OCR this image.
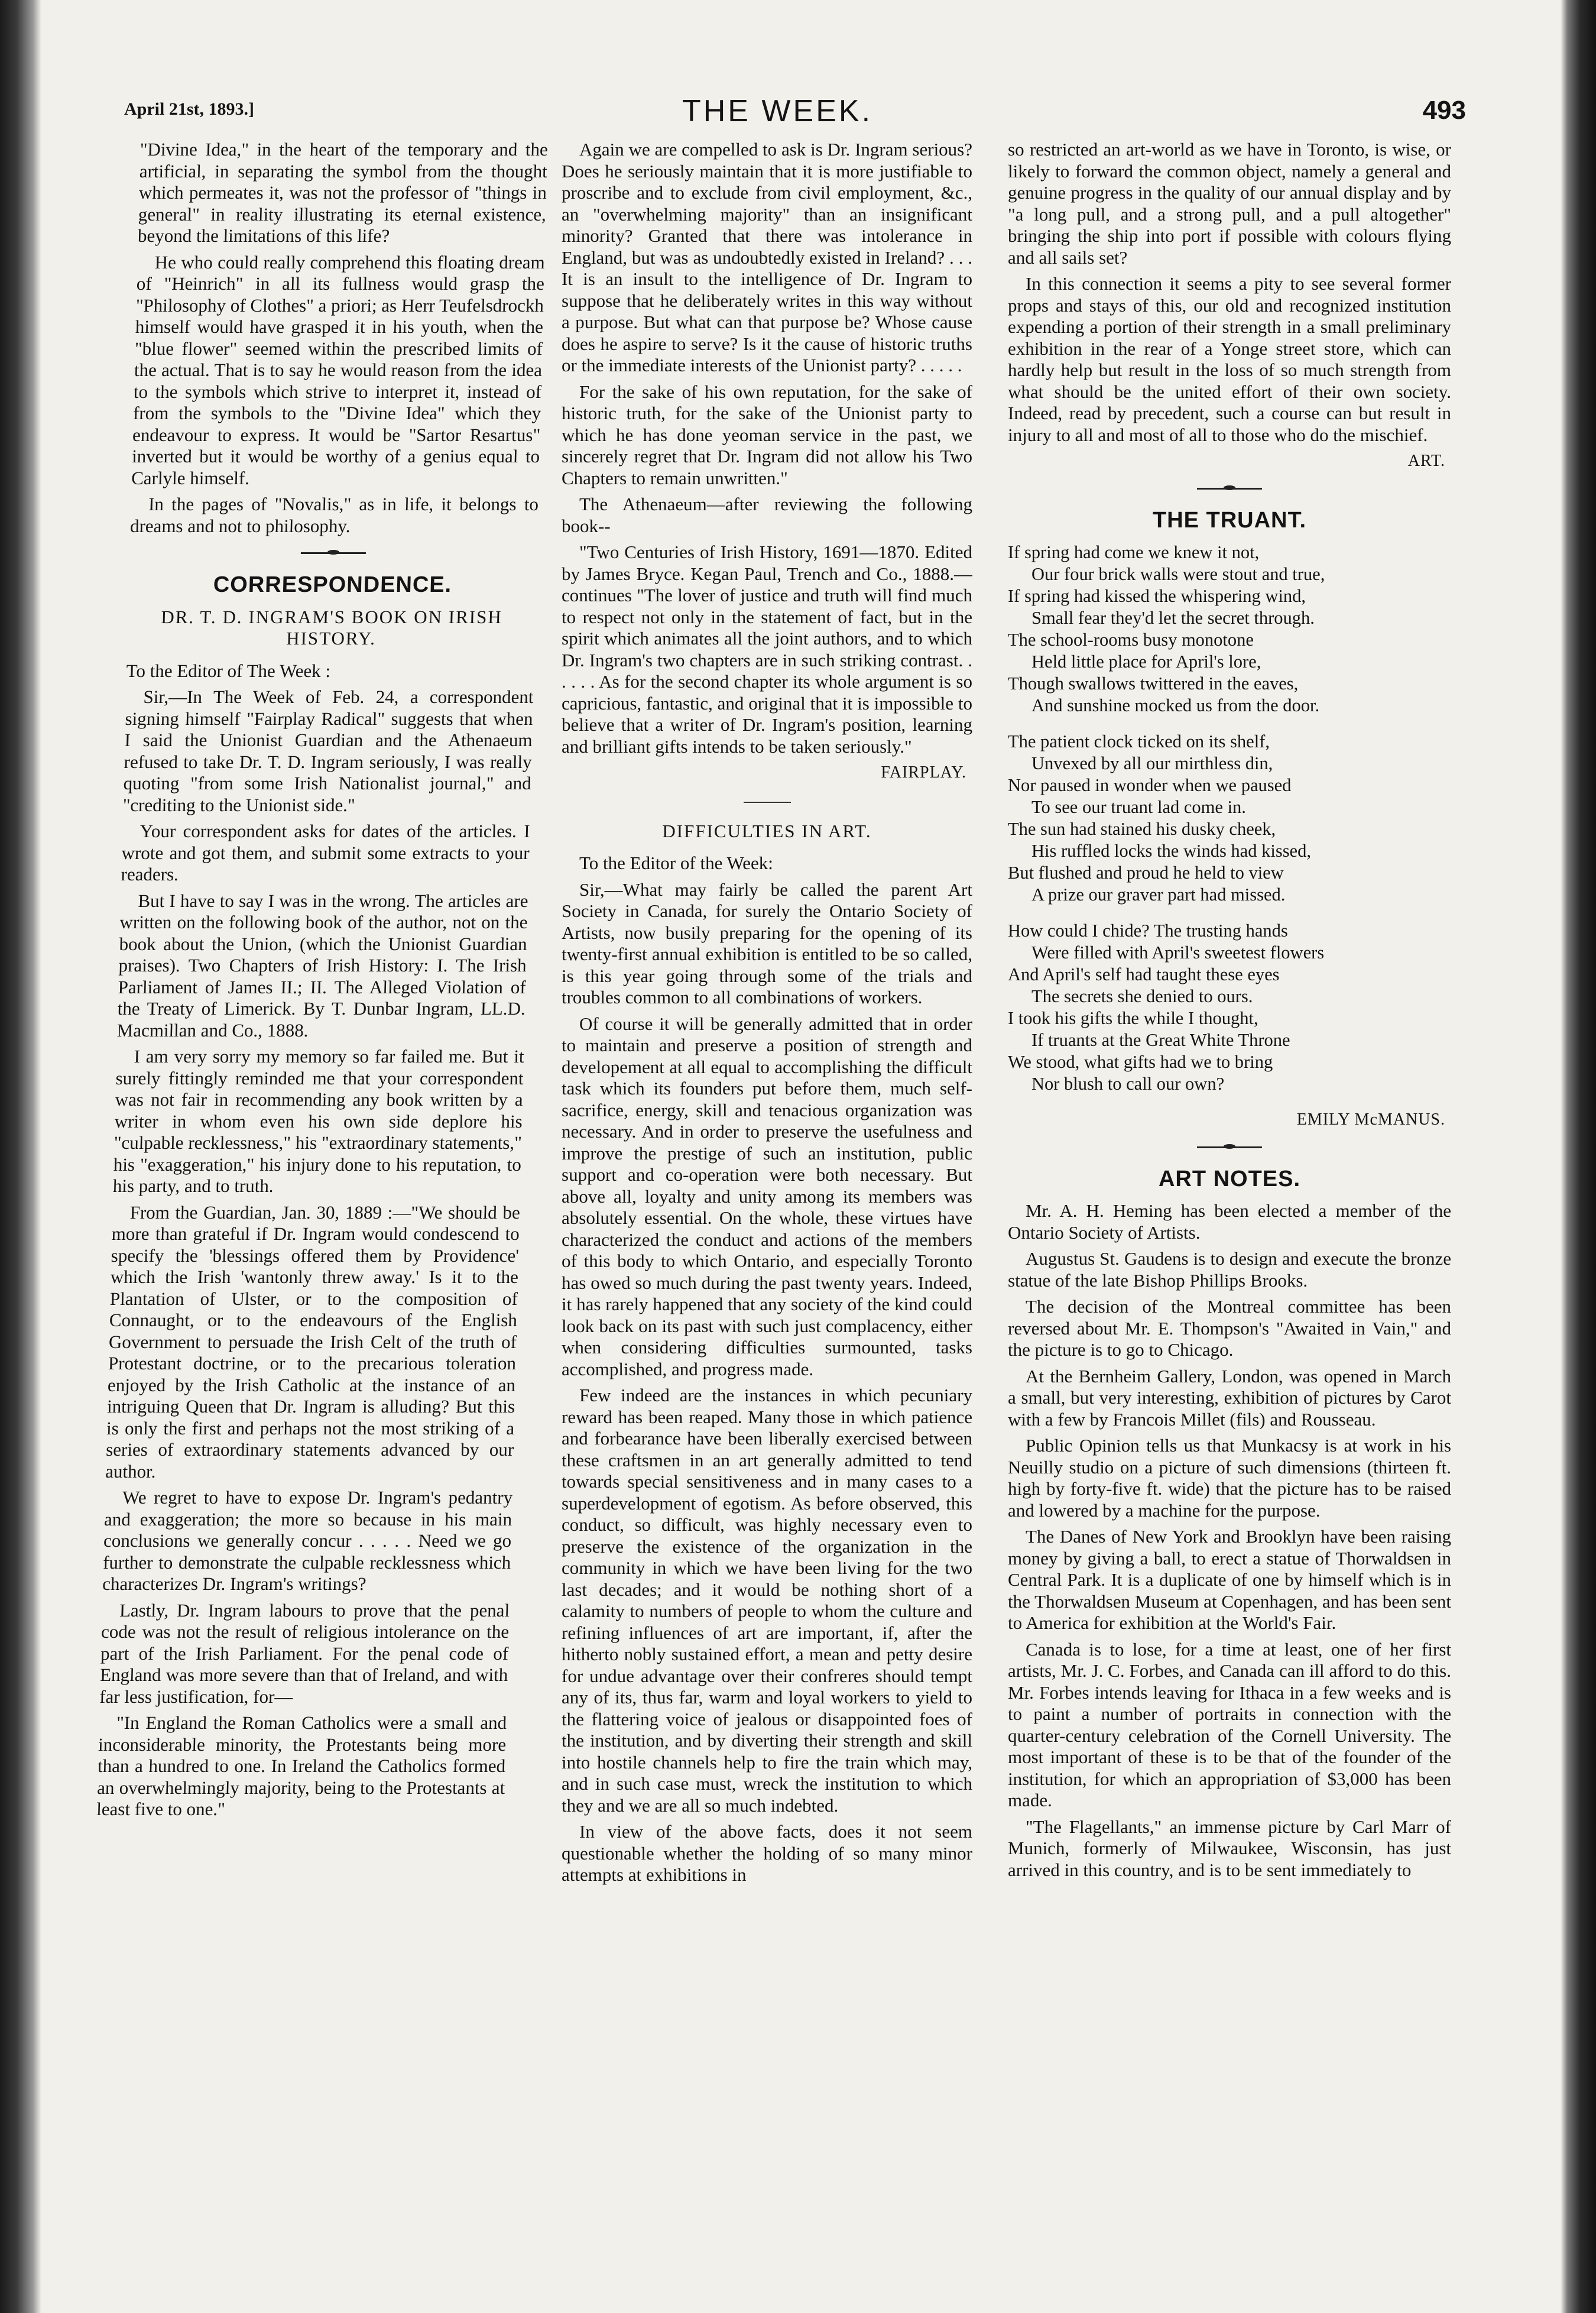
April 21st, 1893.]	THE WEEK.	493

"Divine Idea," in the heart of the temporary and the artificial, in separating the symbol from the thought which permeates it, was not the professor of "things in general" in reality illustrating its eternal existence, beyond the limitations of this life?

He who could really comprehend this floating dream of "Heinrich" in all its fullness would grasp the "Philosophy of Clothes" a priori; as Herr Teufelsdrockh himself would have grasped it in his youth, when the "blue flower" seemed within the prescribed limits of the actual. That is to say he would reason from the idea to the symbols which strive to interpret it, instead of from the symbols to the "Divine Idea" which they endeavour to express. It would be "Sartor Resartus" inverted but it would be worthy of a genius equal to Carlyle himself.

In the pages of "Novalis," as in life, it belongs to dreams and not to philosophy.

CORRESPONDENCE.
DR. T. D. INGRAM'S BOOK ON IRISH HISTORY.

To the Editor of The Week :

Sir,—In The Week of Feb. 24, a correspondent signing himself "Fairplay Radical" suggests that when I said the Unionist Guardian and the Athenaeum refused to take Dr. T. D. Ingram seriously, I was really quoting "from some Irish Nationalist journal," and "crediting to the Unionist side."

Your correspondent asks for dates of the articles. I wrote and got them, and submit some extracts to your readers.

But I have to say I was in the wrong. The articles are written on the following book of the author, not on the book about the Union, (which the Unionist Guardian praises). Two Chapters of Irish History: I. The Irish Parliament of James II.; II. The Alleged Violation of the Treaty of Limerick. By T. Dunbar Ingram, LL.D. Macmillan and Co., 1888.

I am very sorry my memory so far failed me. But it surely fittingly reminded me that your correspondent was not fair in recommending any book written by a writer in whom even his own side deplore his "culpable recklessness," his "extraordinary statements," his "exaggeration," his injury done to his reputation, to his party, and to truth.

From the Guardian, Jan. 30, 1889 :—"We should be more than grateful if Dr. Ingram would condescend to specify the 'blessings offered them by Providence' which the Irish 'wantonly threw away.' Is it to the Plantation of Ulster, or to the composition of Connaught, or to the endeavours of the English Government to persuade the Irish Celt of the truth of Protestant doctrine, or to the precarious toleration enjoyed by the Irish Catholic at the instance of an intriguing Queen that Dr. Ingram is alluding? But this is only the first and perhaps not the most striking of a series of extraordinary statements advanced by our author.

We regret to have to expose Dr. Ingram's pedantry and exaggeration; the more so because in his main conclusions we generally concur . . . . . Need we go further to demonstrate the culpable recklessness which characterizes Dr. Ingram's writings?

Lastly, Dr. Ingram labours to prove that the penal code was not the result of religious intolerance on the part of the Irish Parliament. For the penal code of England was more severe than that of Ireland, and with far less justification, for—

"In England the Roman Catholics were a small and inconsiderable minority, the Protestants being more than a hundred to one. In Ireland the Catholics formed an overwhelmingly majority, being to the Protestants at least five to one."

Again we are compelled to ask is Dr. Ingram serious? Does he seriously maintain that it is more justifiable to proscribe and to exclude from civil employment, &c., an "overwhelming majority" than an insignificant minority? Granted that there was intolerance in England, but was as undoubtedly existed in Ireland? . . . It is an insult to the intelligence of Dr. Ingram to suppose that he deliberately writes in this way without a purpose. But what can that purpose be? Whose cause does he aspire to serve? Is it the cause of historic truths or the immediate interests of the Unionist party? . . . . .

For the sake of his own reputation, for the sake of historic truth, for the sake of the Unionist party to which he has done yeoman service in the past, we sincerely regret that Dr. Ingram did not allow his Two Chapters to remain unwritten."

The Athenaeum—after reviewing the following book--

"Two Centuries of Irish History, 1691—1870. Edited by James Bryce. Kegan Paul, Trench and Co., 1888.—continues "The lover of justice and truth will find much to respect not only in the statement of fact, but in the spirit which animates all the joint authors, and to which Dr. Ingram's two chapters are in such striking contrast. . . . . . As for the second chapter its whole argument is so capricious, fantastic, and original that it is impossible to believe that a writer of Dr. Ingram's position, learning and brilliant gifts intends to be taken seriously."

FAIRPLAY.
DIFFICULTIES IN ART.

To the Editor of the Week:

Sir,—What may fairly be called the parent Art Society in Canada, for surely the Ontario Society of Artists, now busily preparing for the opening of its twenty-first annual exhibition is entitled to be so called, is this year going through some of the trials and troubles common to all combinations of workers.

Of course it will be generally admitted that in order to maintain and preserve a position of strength and developement at all equal to accomplishing the difficult task which its founders put before them, much self-sacrifice, energy, skill and tenacious organization was necessary. And in order to preserve the usefulness and improve the prestige of such an institution, public support and co-operation were both necessary. But above all, loyalty and unity among its members was absolutely essential. On the whole, these virtues have characterized the conduct and actions of the members of this body to which Ontario, and especially Toronto has owed so much during the past twenty years. Indeed, it has rarely happened that any society of the kind could look back on its past with such just complacency, either when considering difficulties surmounted, tasks accomplished, and progress made.

Few indeed are the instances in which pecuniary reward has been reaped. Many those in which patience and forbearance have been liberally exercised between these craftsmen in an art generally admitted to tend towards special sensitiveness and in many cases to a superdevelopment of egotism. As before observed, this conduct, so difficult, was highly necessary even to preserve the existence of the organization in the community in which we have been living for the two last decades; and it would be nothing short of a calamity to numbers of people to whom the culture and refining influences of art are important, if, after the hitherto nobly sustained effort, a mean and petty desire for undue advantage over their confreres should tempt any of its, thus far, warm and loyal workers to yield to the flattering voice of jealous or disappointed foes of the institution, and by diverting their strength and skill into hostile channels help to fire the train which may, and in such case must, wreck the institution to which they and we are all so much indebted.

In view of the above facts, does it not seem questionable whether the holding of so many minor attempts at exhibitions in

so restricted an art-world as we have in Toronto, is wise, or likely to forward the common object, namely a general and genuine progress in the quality of our annual display and by "a long pull, and a strong pull, and a pull altogether" bringing the ship into port if possible with colours flying and all sails set?

In this connection it seems a pity to see several former props and stays of this, our old and recognized institution expending a portion of their strength in a small preliminary exhibition in the rear of a Yonge street store, which can hardly help but result in the loss of so much strength from what should be the united effort of their own society. Indeed, read by precedent, such a course can but result in injury to all and most of all to those who do the mischief.

ART.
THE TRUANT.
If spring had come we knew it not,
Our four brick walls were stout and true,
If spring had kissed the whispering wind,
Small fear they'd let the secret through.
The school-rooms busy monotone
Held little place for April's lore,
Though swallows twittered in the eaves,
And sunshine mocked us from the door.
The patient clock ticked on its shelf,
Unvexed by all our mirthless din,
Nor paused in wonder when we paused
To see our truant lad come in.
The sun had stained his dusky cheek,
His ruffled locks the winds had kissed,
But flushed and proud he held to view
A prize our graver part had missed.
How could I chide? The trusting hands
Were filled with April's sweetest flowers
And April's self had taught these eyes
The secrets she denied to ours.
I took his gifts the while I thought,
If truants at the Great White Throne
We stood, what gifts had we to bring
Nor blush to call our own?
EMILY McMANUS.
ART NOTES.

Mr. A. H. Heming has been elected a member of the Ontario Society of Artists.

Augustus St. Gaudens is to design and execute the bronze statue of the late Bishop Phillips Brooks.

The decision of the Montreal committee has been reversed about Mr. E. Thompson's "Awaited in Vain," and the picture is to go to Chicago.

At the Bernheim Gallery, London, was opened in March a small, but very interesting, exhibition of pictures by Carot with a few by Francois Millet (fils) and Rousseau.

Public Opinion tells us that Munkacsy is at work in his Neuilly studio on a picture of such dimensions (thirteen ft. high by forty-five ft. wide) that the picture has to be raised and lowered by a machine for the purpose.

The Danes of New York and Brooklyn have been raising money by giving a ball, to erect a statue of Thorwaldsen in Central Park. It is a duplicate of one by himself which is in the Thorwaldsen Museum at Copenhagen, and has been sent to America for exhibition at the World's Fair.

Canada is to lose, for a time at least, one of her first artists, Mr. J. C. Forbes, and Canada can ill afford to do this. Mr. Forbes intends leaving for Ithaca in a few weeks and is to paint a number of portraits in connection with the quarter-century celebration of the Cornell University. The most important of these is to be that of the founder of the institution, for which an appropriation of $3,000 has been made.

"The Flagellants," an immense picture by Carl Marr of Munich, formerly of Milwaukee, Wisconsin, has just arrived in this country, and is to be sent immediately to
